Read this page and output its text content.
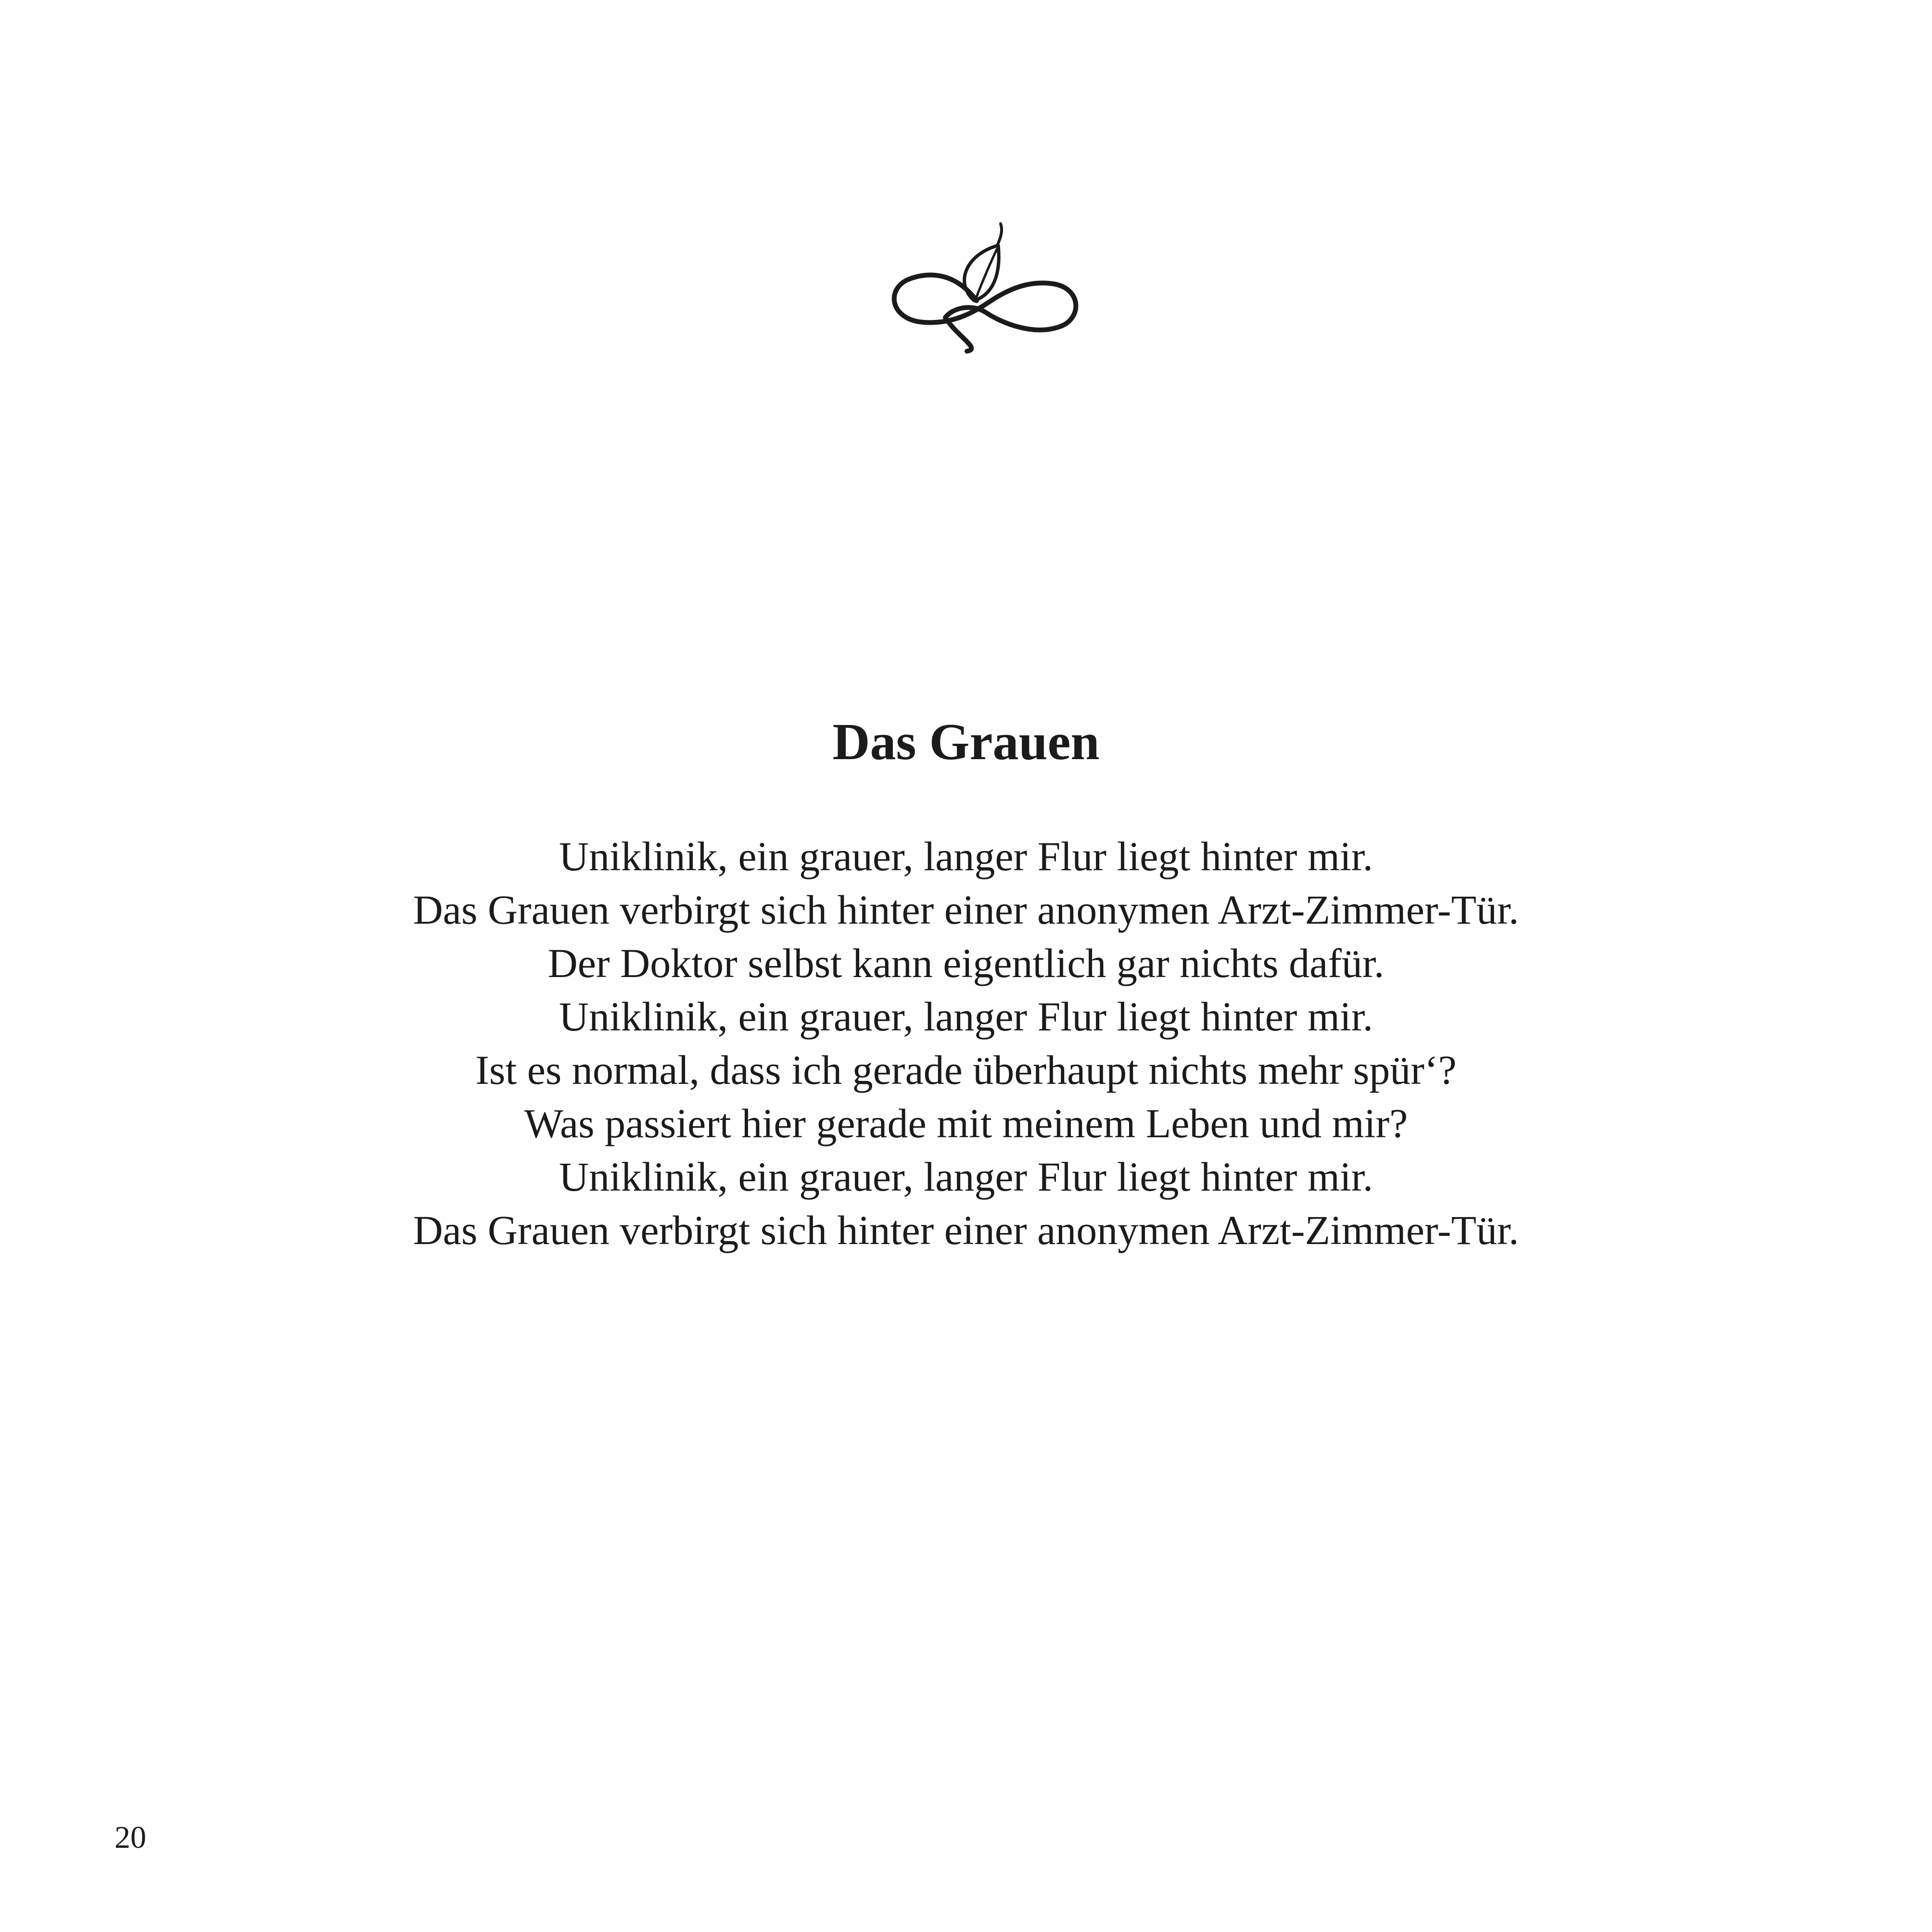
Das Grauen
Uniklinik, ein grauer, langer Flur liegt hinter mir.
Das Grauen verbirgt sich hinter einer anonymen Arzt-Zimmer-Tür.
Der Doktor selbst kann eigentlich gar nichts dafür.
Uniklinik, ein grauer, langer Flur liegt hinter mir.
Ist es normal, dass ich gerade überhaupt nichts mehr spür‘?
Was passiert hier gerade mit meinem Leben und mir?
Uniklinik, ein grauer, langer Flur liegt hinter mir.
Das Grauen verbirgt sich hinter einer anonymen Arzt-Zimmer-Tür.
20
